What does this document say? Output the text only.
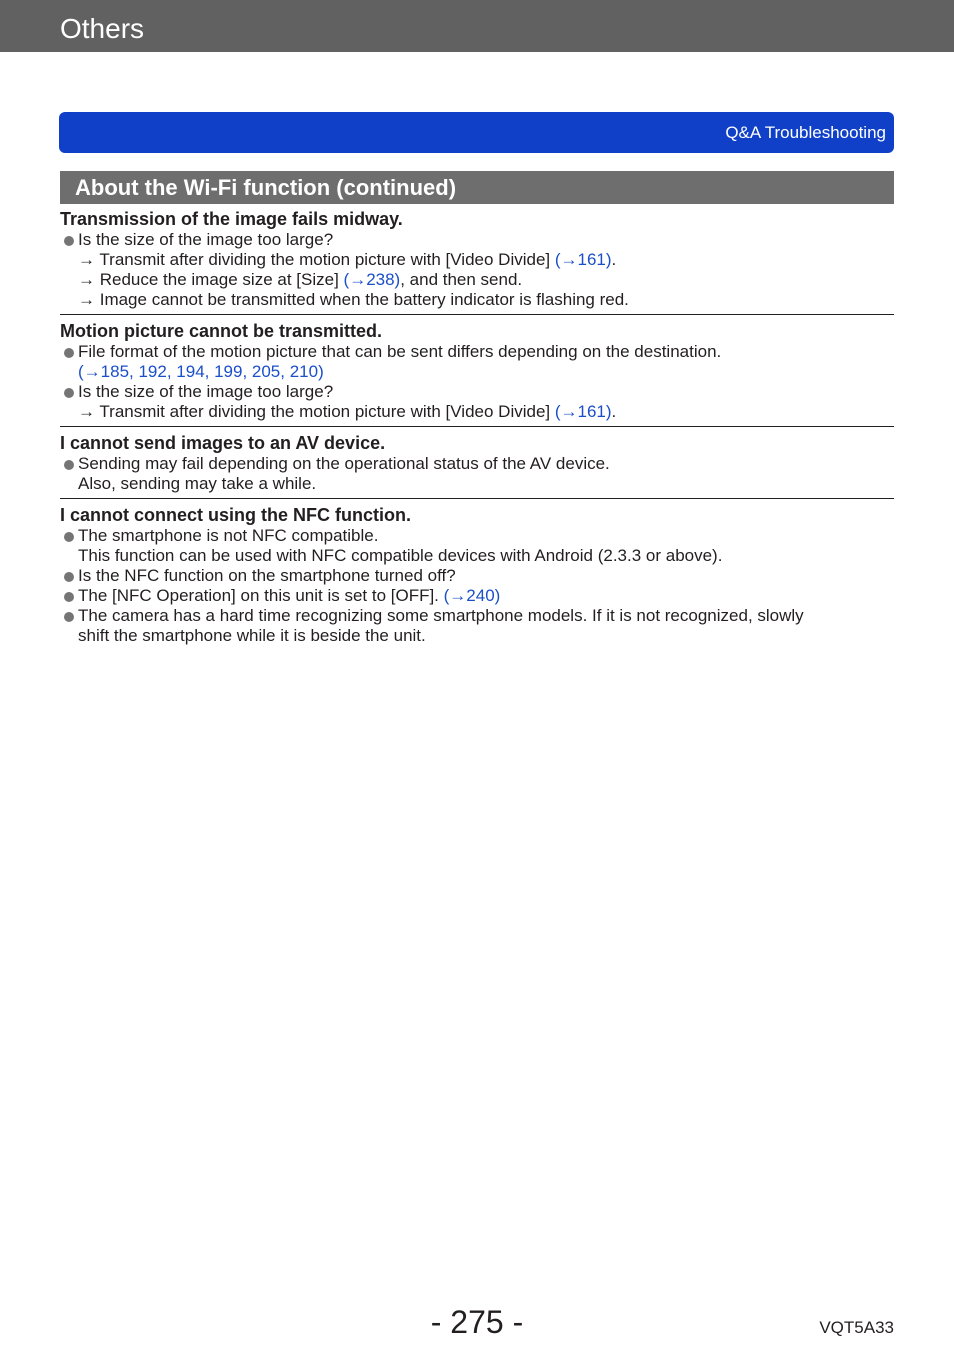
Others
Q&A Troubleshooting
About the Wi-Fi function (continued)

Transmission of the image fails midway.

Is the size of the image too large?
→ Transmit after dividing the motion picture with [Video Divide] (→161).
→ Reduce the image size at [Size] (→238), and then send.
→ Image cannot be transmitted when the battery indicator is flashing red.

Motion picture cannot be transmitted.

File format of the motion picture that can be sent differs depending on the destination.
(→185, 192, 194, 199, 205, 210)
Is the size of the image too large?
→ Transmit after dividing the motion picture with [Video Divide] (→161).

I cannot send images to an AV device.

Sending may fail depending on the operational status of the AV device.
Also, sending may take a while.

I cannot connect using the NFC function.

The smartphone is not NFC compatible.
This function can be used with NFC compatible devices with Android (2.3.3 or above).
Is the NFC function on the smartphone turned off?
The [NFC Operation] on this unit is set to [OFF]. (→240)
The camera has a hard time recognizing some smartphone models. If it is not recognized, slowly
shift the smartphone while it is beside the unit.
- 275 -	VQT5A33
